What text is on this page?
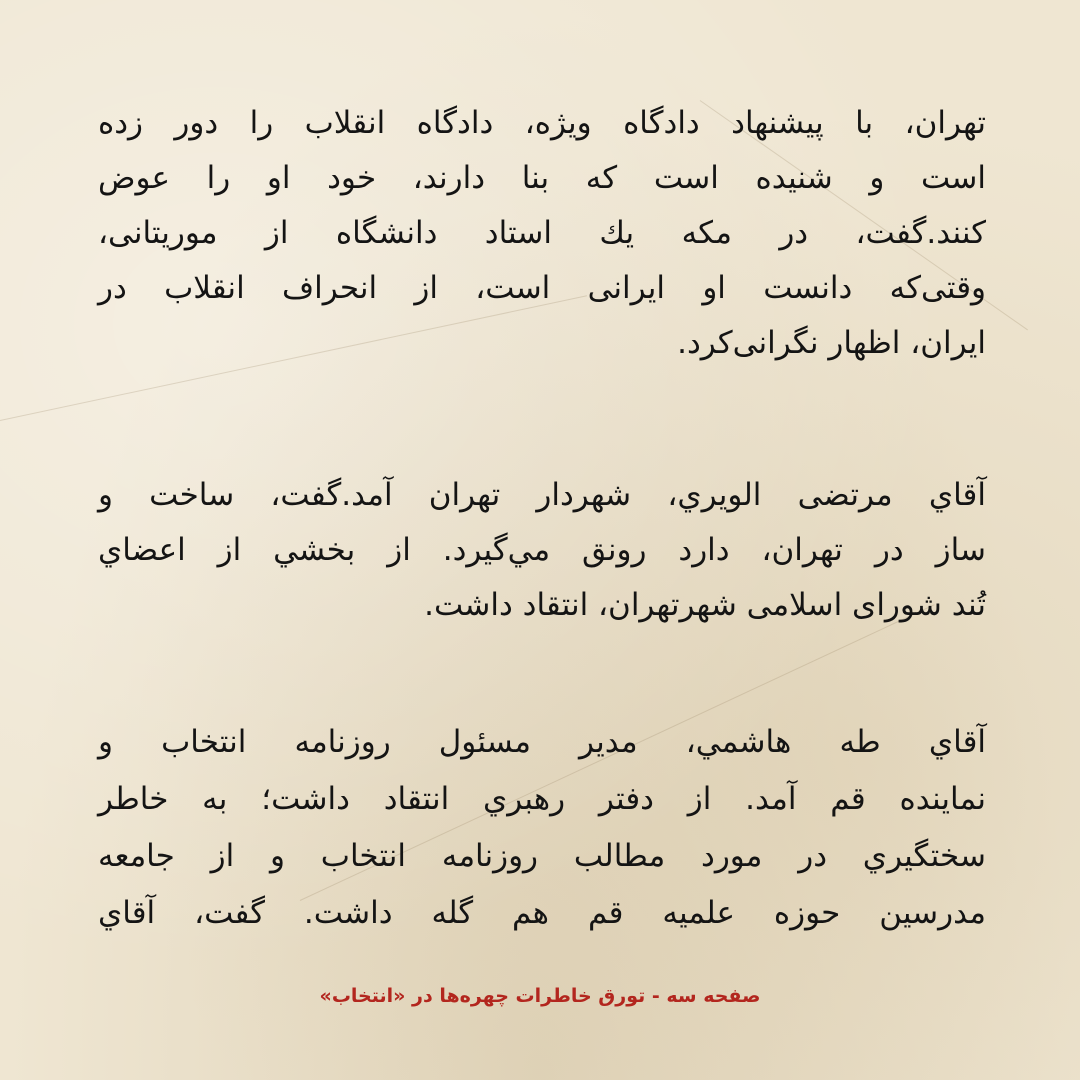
تهران، با پیشنهاد دادگاه ویژه، دادگاه انقلاب را دور زده
است و شنیده است که بنا دارند، خود او را عوض
کنند.گفت، در مکه یك استاد دانشگاه از موریتانی،
وقتی‌که دانست او ایرانی است، از انحراف انقلاب در
ایران، اظهار نگرانی‌کرد.
آقاي مرتضی الويري، شهردار تهران آمد.گفت، ساخت و
ساز در تهران، دارد رونق مي‌گيرد. از بخشي از اعضاي
تُند شورای اسلامی شهرتهران، انتقاد داشت.
آقاي طه هاشمي، مدير مسئول روزنامه انتخاب و
نماينده قم آمد. از دفتر رهبري انتقاد داشت؛ به خاطر
سختگيري در مورد مطالب روزنامه انتخاب و از جامعه
مدرسين حوزه علميه قم هم گله داشت. گفت، آقاي
صفحه سه - تورق خاطرات چهره‌ها در «انتخاب»
